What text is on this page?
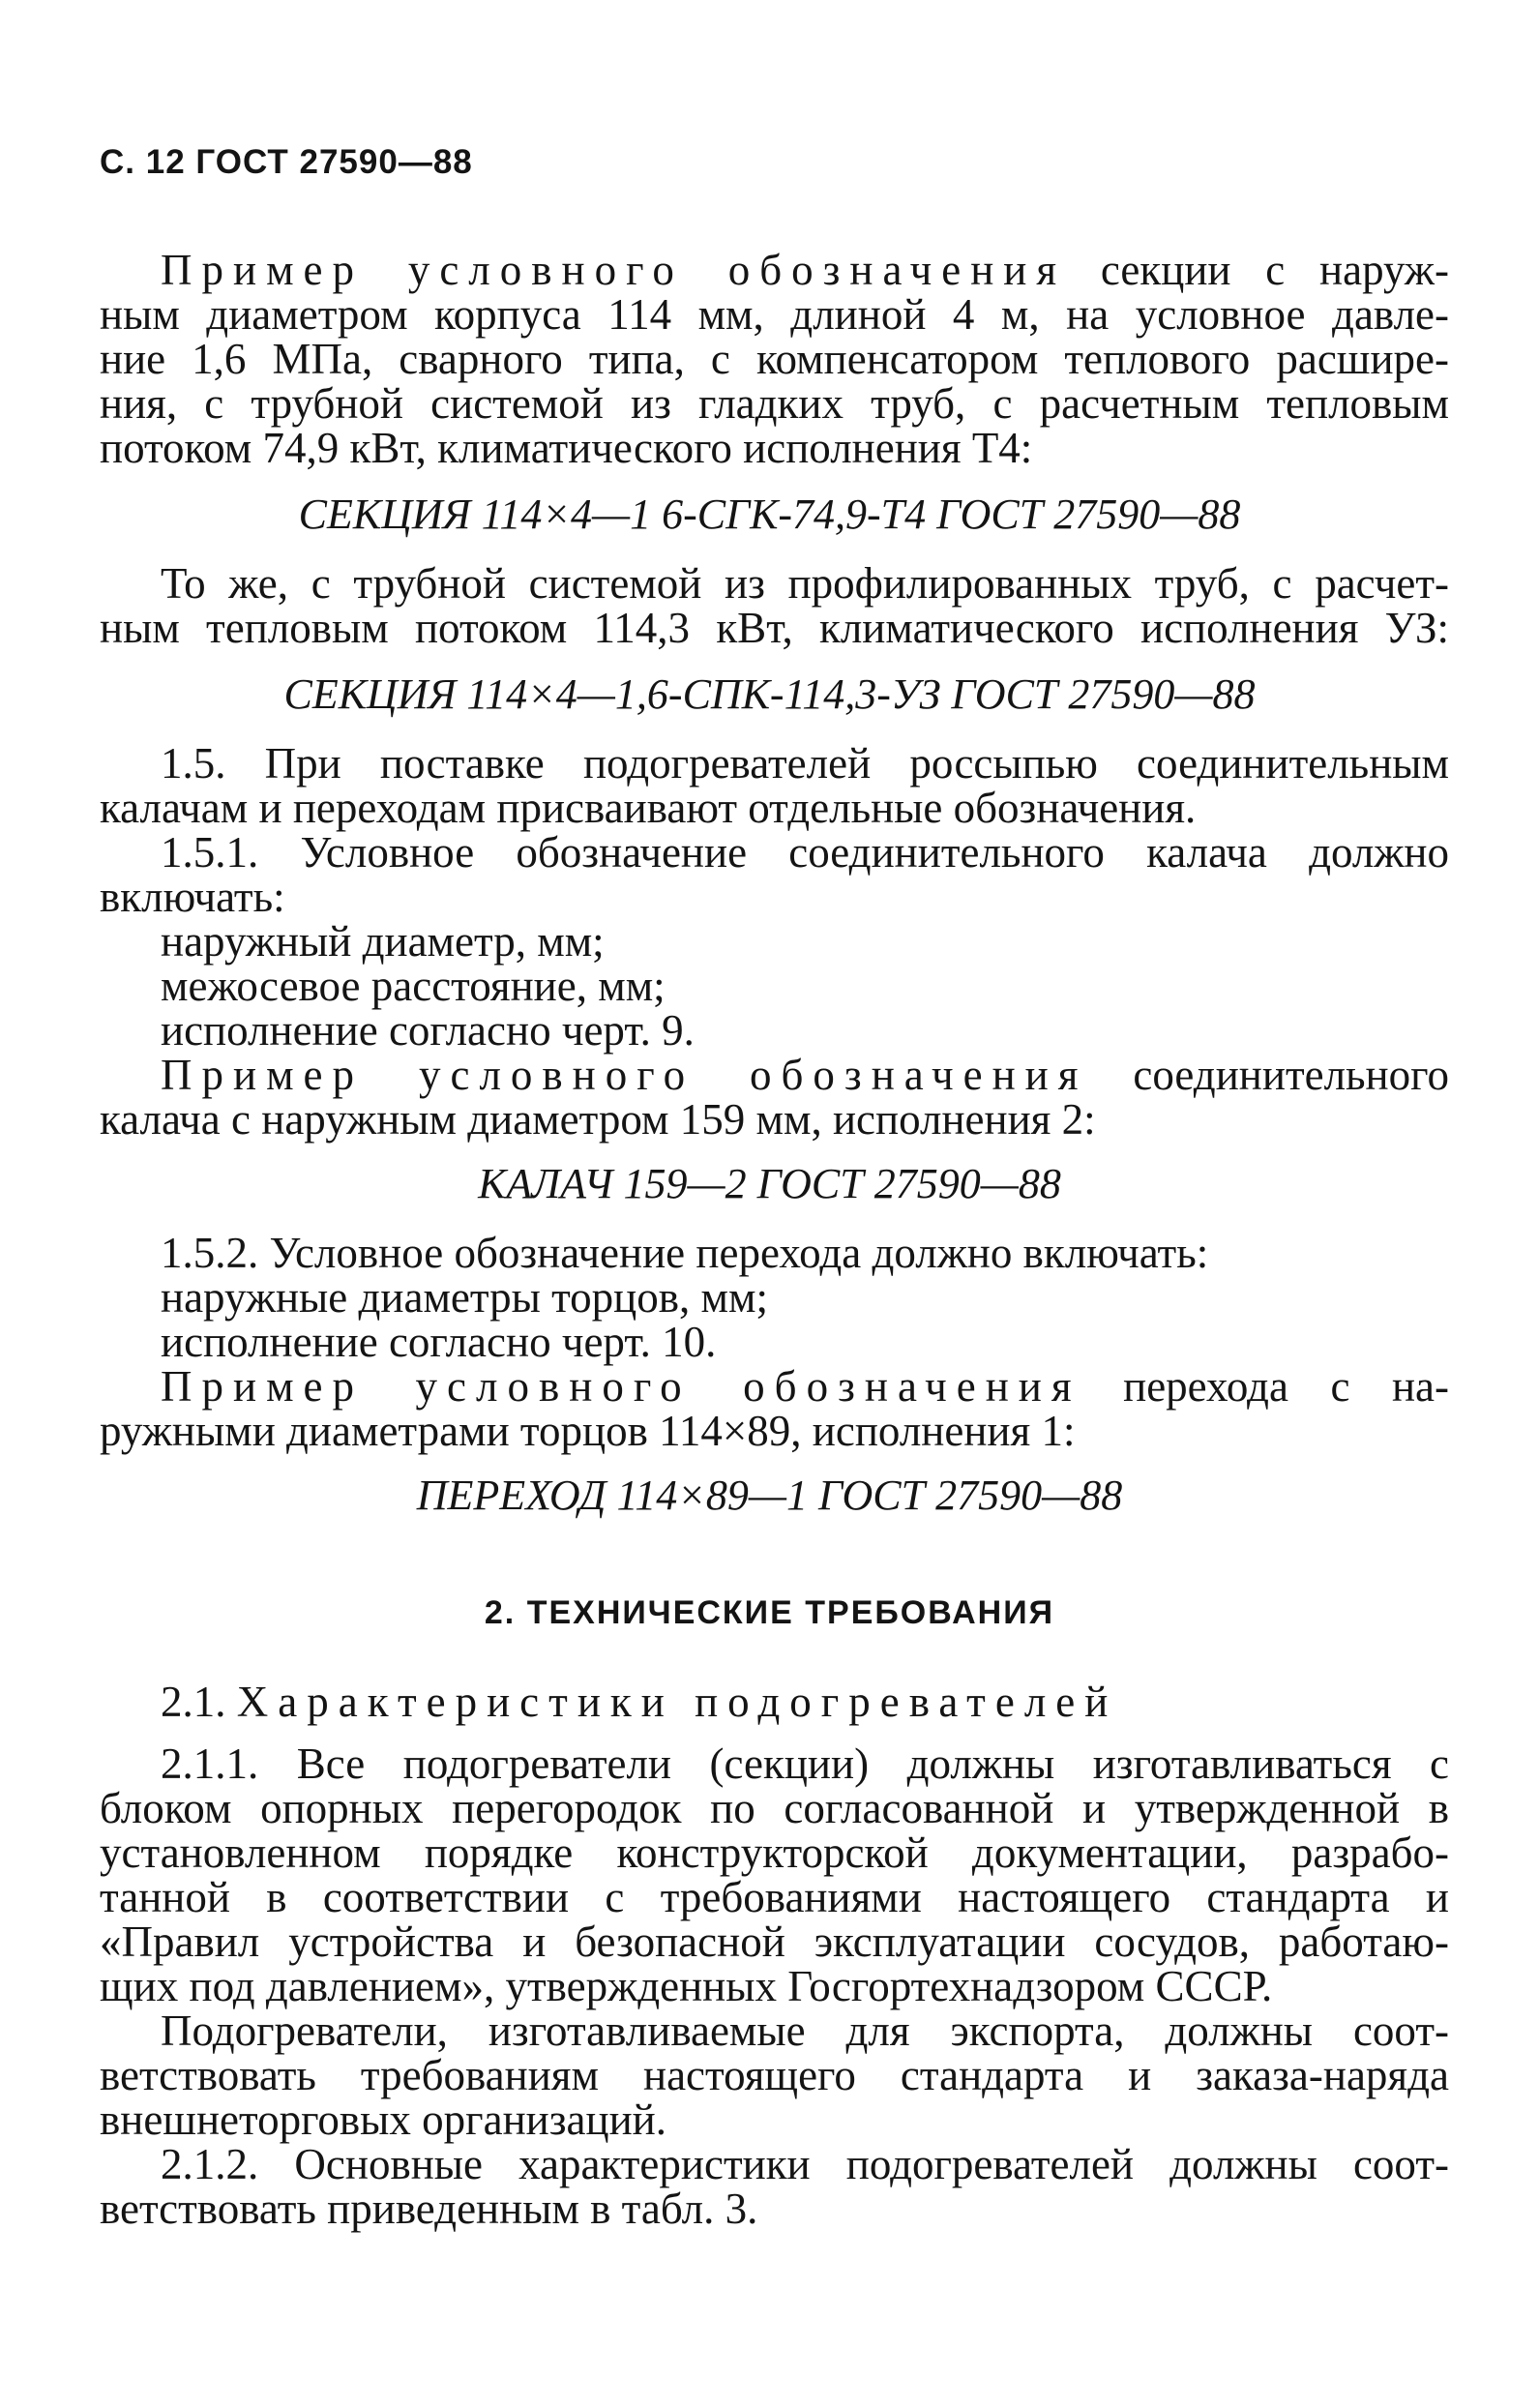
С. 12 ГОСТ 27590—88
Пример условного обозначения секции с наруж-
ным диаметром корпуса 114 мм, длиной 4 м, на условное давле-
ние 1,6 МПа, сварного типа, с компенсатором теплового расшире-
ния, с трубной системой из гладких труб, с расчетным тепловым
потоком 74,9 кВт, климатического исполнения Т4:
СЕКЦИЯ 114×4—1 6-СГК-74,9-Т4 ГОСТ 27590—88
То же, с трубной системой из профилированных труб, с расчет-
ным тепловым потоком 114,3 кВт, климатического исполнения УЗ:
СЕКЦИЯ 114×4—1,6-СПК-114,3-УЗ ГОСТ 27590—88
1.5. При поставке подогревателей россыпью соединительным
калачам и переходам присваивают отдельные обозначения.
1.5.1. Условное обозначение соединительного калача должно
включать:
наружный диаметр, мм;
межосевое расстояние, мм;
исполнение согласно черт. 9.
Пример условного обозначения соединительного
калача с наружным диаметром 159 мм, исполнения 2:
КАЛАЧ 159—2 ГОСТ 27590—88
1.5.2. Условное обозначение перехода должно включать:
наружные диаметры торцов, мм;
исполнение согласно черт. 10.
Пример условного обозначения перехода с на-
ружными диаметрами торцов 114×89, исполнения 1:
ПЕРЕХОД 114×89—1 ГОСТ 27590—88
2. ТЕХНИЧЕСКИЕ ТРЕБОВАНИЯ
2.1. Характеристики подогревателей
2.1.1. Все подогреватели (секции) должны изготавливаться с
блоком опорных перегородок по согласованной и утвержденной в
установленном порядке конструкторской документации, разрабо-
танной в соответствии с требованиями настоящего стандарта и
«Правил устройства и безопасной эксплуатации сосудов, работаю-
щих под давлением», утвержденных Госгортехнадзором СССР.
Подогреватели, изготавливаемые для экспорта, должны соот-
ветствовать требованиям настоящего стандарта и заказа-наряда
внешнеторговых организаций.
2.1.2. Основные характеристики подогревателей должны соот-
ветствовать приведенным в табл. 3.
